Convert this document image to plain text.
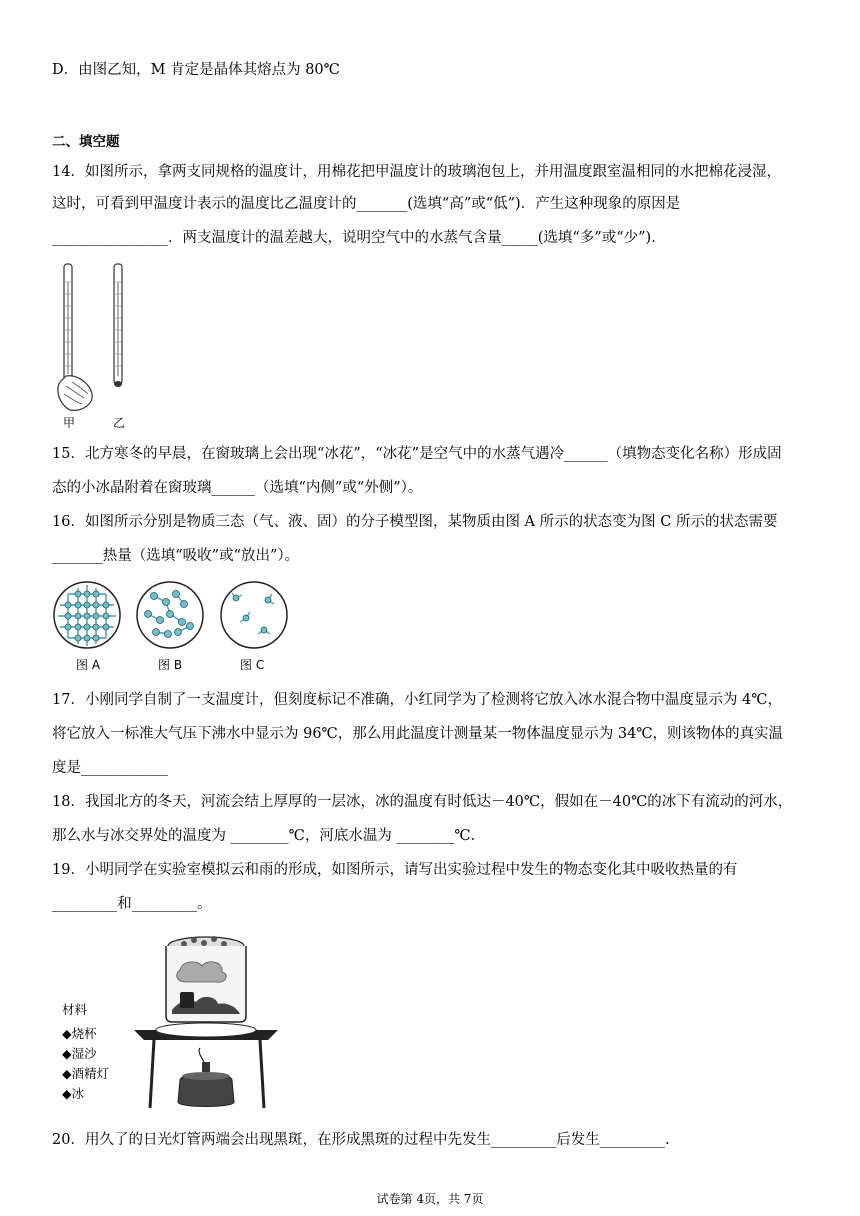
D．由图乙知，M 肯定是晶体其熔点为 80℃
二、填空题
14．如图所示，拿两支同规格的温度计，用棉花把甲温度计的玻璃泡包上，并用温度跟室温相同的水把棉花浸湿，
这时，可看到甲温度计表示的温度比乙温度计的_______(选填“高”或“低”)．产生这种现象的原因是
________________．两支温度计的温差越大，说明空气中的水蒸气含量_____(选填“多”或“少”)．
甲	乙
15．北方寒冬的早晨，在窗玻璃上会出现“冰花”，“冰花”是空气中的水蒸气遇冷______（填物态变化名称）形成固
态的小冰晶附着在窗玻璃______（选填“内侧”或“外侧”）。
16．如图所示分别是物质三态（气、液、固）的分子模型图，某物质由图 A 所示的状态变为图 C 所示的状态需要
_______热量（选填“吸收”或“放出”）。
图 A	图 B	图 C
17．小刚同学自制了一支温度计，但刻度标记不准确，小红同学为了检测将它放入冰水混合物中温度显示为 4℃，
将它放入一标准大气压下沸水中显示为 96℃，那么用此温度计测量某一物体温度显示为 34℃，则该物体的真实温
度是____________
18．我国北方的冬天，河流会结上厚厚的一层冰，冰的温度有时低达－40℃，假如在－40℃的冰下有流动的河水，
那么水与冰交界处的温度为 ________℃，河底水温为 ________℃．
19．小明同学在实验室模拟云和雨的形成，如图所示，请写出实验过程中发生的物态变化其中吸收热量的有
_________和_________。
材料
◆烧杯
◆湿沙
◆酒精灯
◆冰
20．用久了的日光灯管两端会出现黑斑，在形成黑斑的过程中先发生_________后发生_________.
试卷第 4页，共 7页
